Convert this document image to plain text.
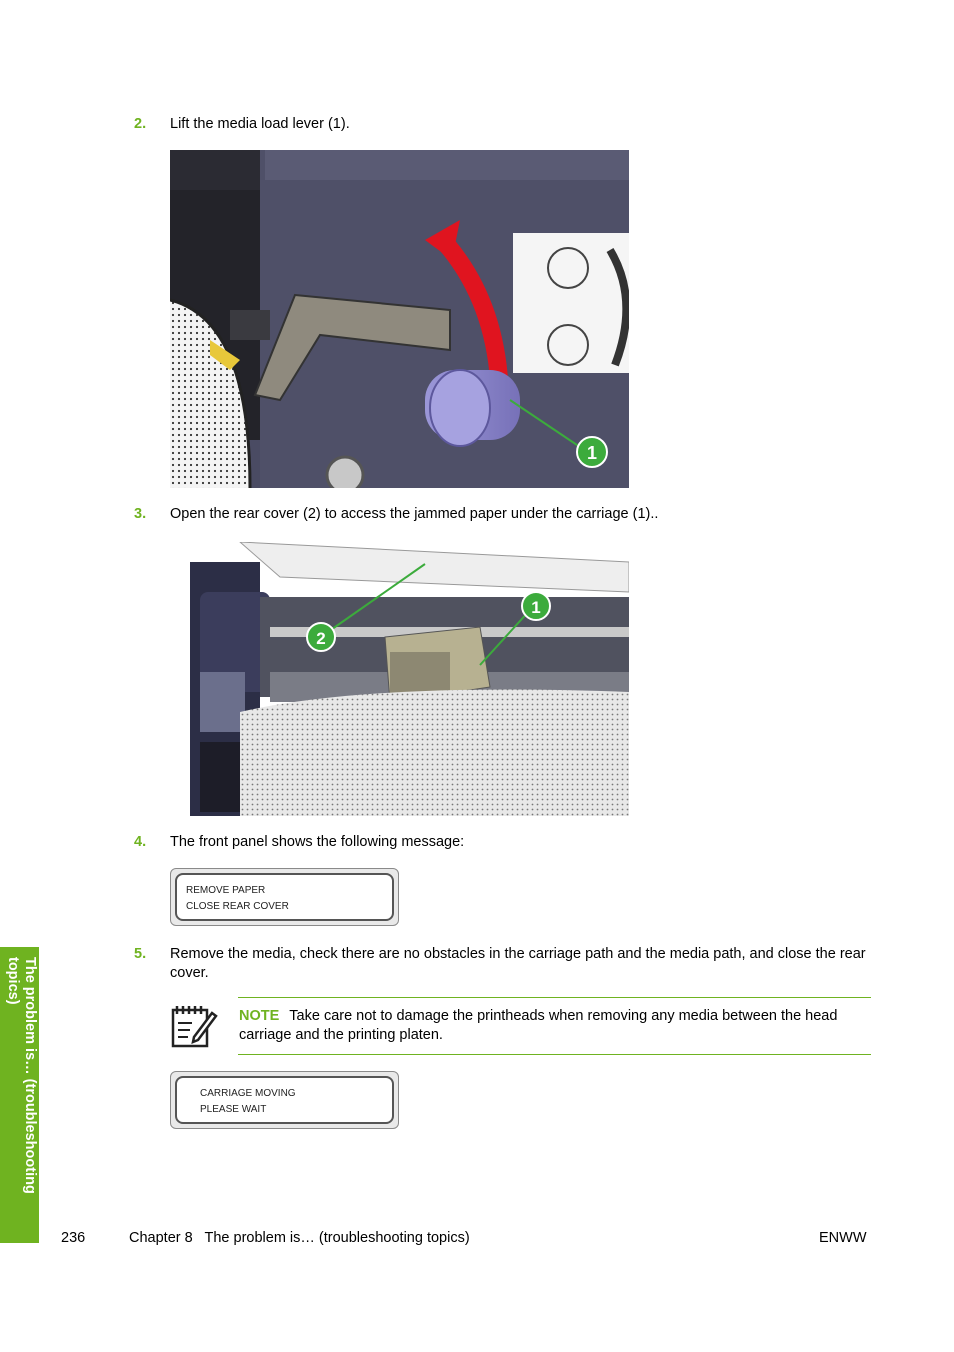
2. Lift the media load lever (1).
1
3. Open the rear cover (2) to access the jammed paper under the carriage (1)..
2
1
4. The front panel shows the following message:
REMOVE PAPER
CLOSE REAR COVER
5. Remove the media, check there are no obstacles in the carriage path and the media path, and close the rear cover.
NOTE Take care not to damage the printheads when removing any media between the head carriage and the printing platen.
CARRIAGE MOVING
PLEASE WAIT
The problem is… (troubleshooting topics)
236	Chapter 8   The problem is… (troubleshooting topics)	ENWW
